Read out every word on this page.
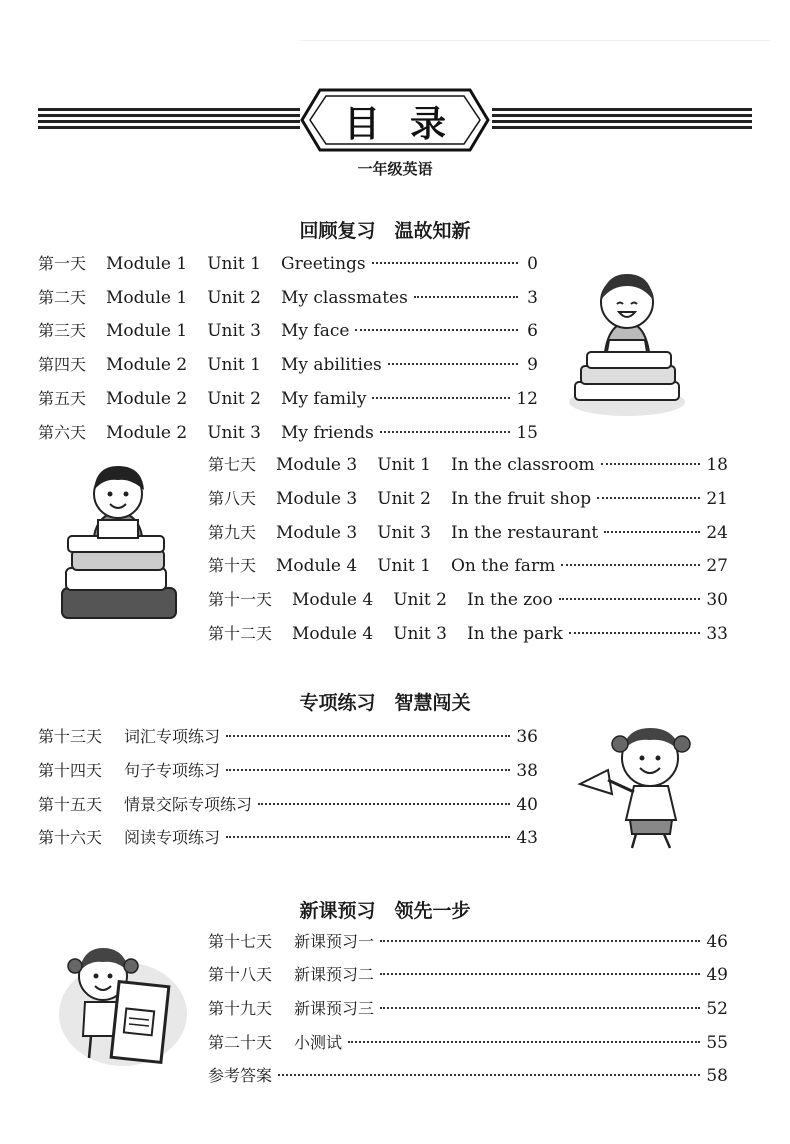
目录
一年级英语
回顾复习　温故知新
第一天 Module 1 Unit 1 Greetings	0
第二天 Module 1 Unit 2 My classmates	3
第三天 Module 1 Unit 3 My face	6
第四天 Module 2 Unit 1 My abilities	9
第五天 Module 2 Unit 2 My family	12
第六天 Module 2 Unit 3 My friends	15
第七天 Module 3 Unit 1 In the classroom	18
第八天 Module 3 Unit 2 In the fruit shop	21
第九天 Module 3 Unit 3 In the restaurant	24
第十天 Module 4 Unit 1 On the farm	27
第十一天 Module 4 Unit 2 In the zoo	30
第十二天 Module 4 Unit 3 In the park	33
专项练习　智慧闯关
第十三天 词汇专项练习	36
第十四天 句子专项练习	38
第十五天 情景交际专项练习	40
第十六天 阅读专项练习	43
新课预习　领先一步
第十七天 新课预习一	46
第十八天 新课预习二	49
第十九天 新课预习三	52
第二十天 小测试	55
参考答案	58
